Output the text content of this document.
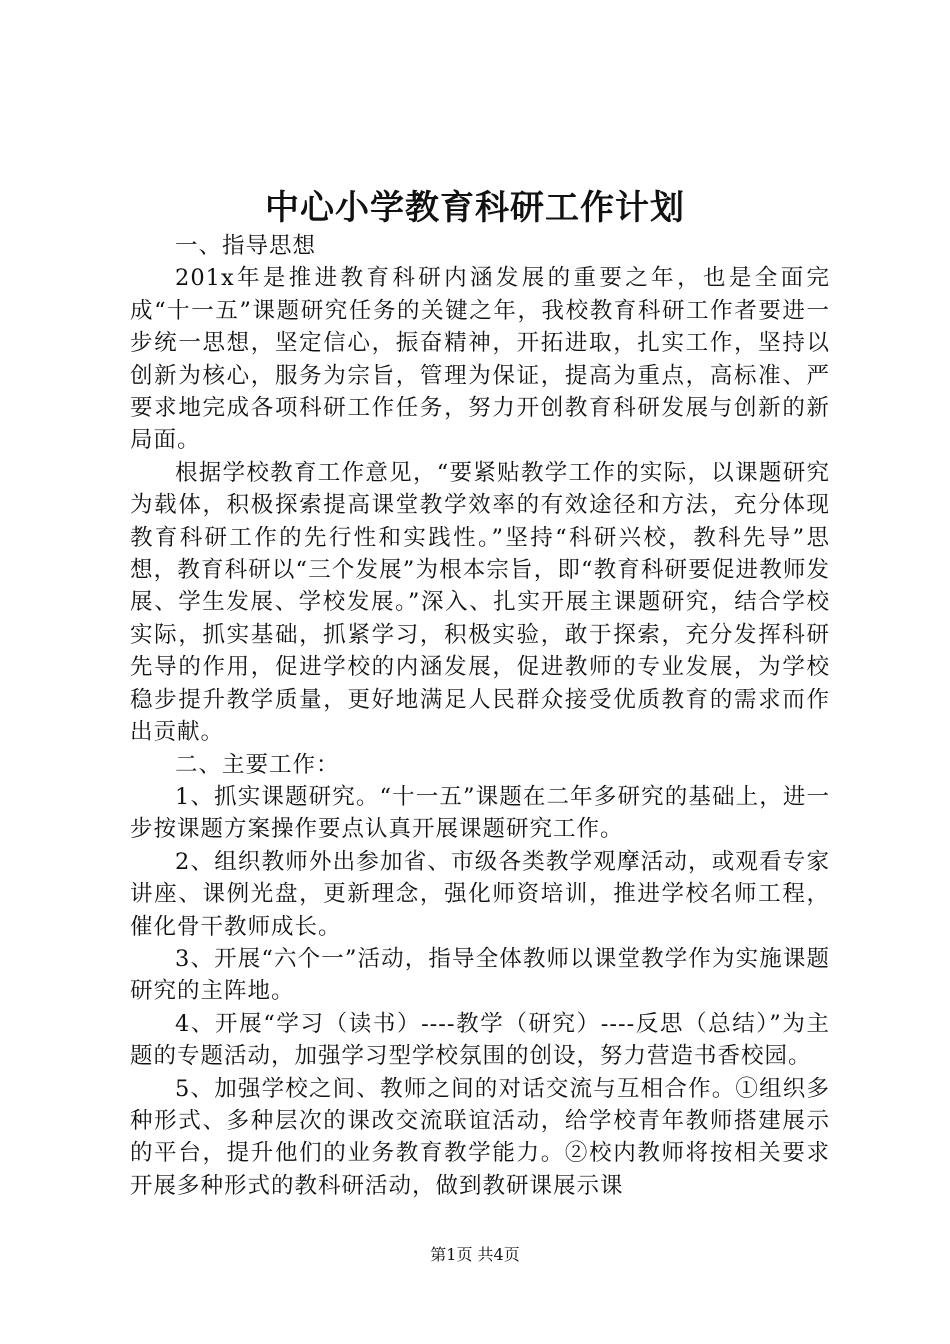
中心小学教育科研工作计划

一、指导思想

201x年是推进教育科研内涵发展的重要之年，也是全面完成“十一五”课题研究任务的关键之年，我校教育科研工作者要进一步统一思想，坚定信心，振奋精神，开拓进取，扎实工作，坚持以创新为核心，服务为宗旨，管理为保证，提高为重点，高标准、严要求地完成各项科研工作任务，努力开创教育科研发展与创新的新局面。

根据学校教育工作意见，“要紧贴教学工作的实际，以课题研究为载体，积极探索提高课堂教学效率的有效途径和方法，充分体现教育科研工作的先行性和实践性。”坚持“科研兴校，教科先导”思想，教育科研以“三个发展”为根本宗旨，即“教育科研要促进教师发展、学生发展、学校发展。”深入、扎实开展主课题研究，结合学校实际，抓实基础，抓紧学习，积极实验，敢于探索，充分发挥科研先导的作用，促进学校的内涵发展，促进教师的专业发展，为学校稳步提升教学质量，更好地满足人民群众接受优质教育的需求而作出贡献。

二、主要工作：

1、抓实课题研究。“十一五”课题在二年多研究的基础上，进一步按课题方案操作要点认真开展课题研究工作。

2、组织教师外出参加省、市级各类教学观摩活动，或观看专家讲座、课例光盘，更新理念，强化师资培训，推进学校名师工程，催化骨干教师成长。

3、开展“六个一”活动，指导全体教师以课堂教学作为实施课题研究的主阵地。

4、开展“学习（读书）----教学（研究）----反思（总结）”为主题的专题活动，加强学习型学校氛围的创设，努力营造书香校园。

5、加强学校之间、教师之间的对话交流与互相合作。①组织多种形式、多种层次的课改交流联谊活动，给学校青年教师搭建展示的平台，提升他们的业务教育教学能力。②校内教师将按相关要求开展多种形式的教科研活动，做到教研课展示课

第1页 共4页
